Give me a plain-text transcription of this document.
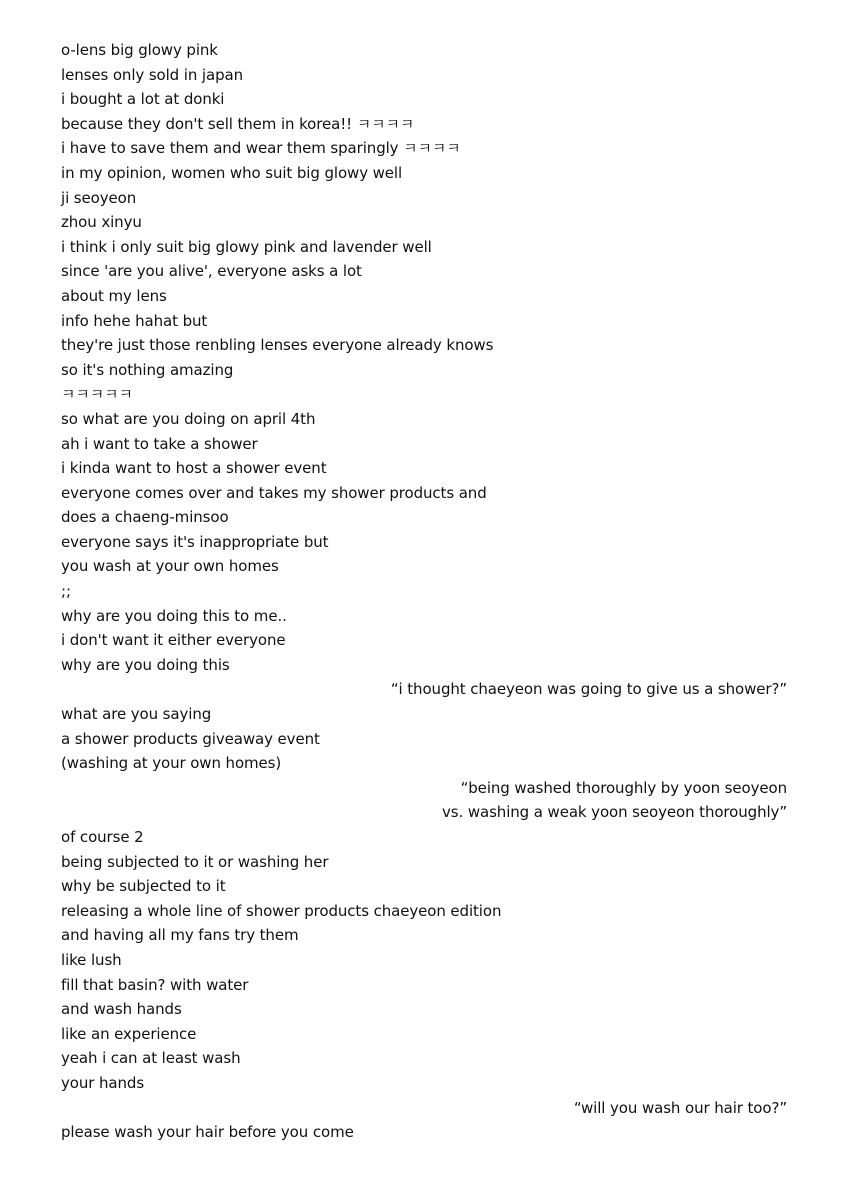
o-lens big glowy pink
lenses only sold in japan
i bought a lot at donki
because they don't sell them in korea!! ㅋㅋㅋㅋ
i have to save them and wear them sparingly ㅋㅋㅋㅋ
in my opinion, women who suit big glowy well
ji seoyeon
zhou xinyu
i think i only suit big glowy pink and lavender well
since 'are you alive', everyone asks a lot
about my lens
info hehe hahat but
they're just those renbling lenses everyone already knows
so it's nothing amazing
ㅋㅋㅋㅋㅋ
so what are you doing on april 4th
ah i want to take a shower
i kinda want to host a shower event
everyone comes over and takes my shower products and
does a chaeng-minsoo
everyone says it's inappropriate but
you wash at your own homes
;;
why are you doing this to me..
i don't want it either everyone
why are you doing this
“i thought chaeyeon was going to give us a shower?”
what are you saying
a shower products giveaway event
(washing at your own homes)
“being washed thoroughly by yoon seoyeon
vs. washing a weak yoon seoyeon thoroughly”
of course 2
being subjected to it or washing her
why be subjected to it
releasing a whole line of shower products chaeyeon edition
and having all my fans try them
like lush
fill that basin? with water
and wash hands
like an experience
yeah i can at least wash
your hands
“will you wash our hair too?”
please wash your hair before you come
